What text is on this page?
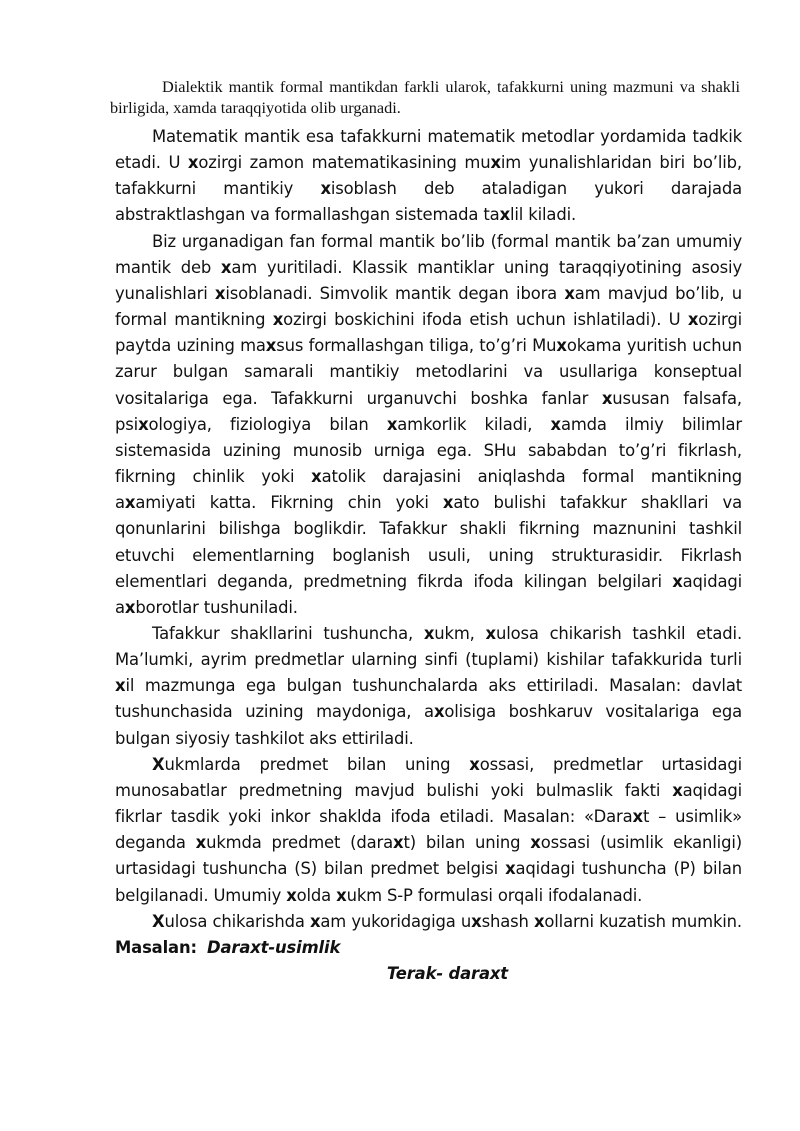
Dialektik mantik formal mantikdan farkli ularok, tafakkurni uning mazmuni va shakli birligida, xamda taraqqiyotida olib urganadi.

Matematik mantik esa tafakkurni matematik metodlar yordamida tadkik etadi. U xozirgi zamon matematikasining muxim yunalishlaridan biri bo’lib, tafakkurni mantikiy xisoblash deb ataladigan yukori darajada abstraktlashgan va formallashgan sistemada taxlil kiladi.

Biz urganadigan fan formal mantik bo’lib (formal mantik ba’zan umumiy mantik deb xam yuritiladi. Klassik mantiklar uning taraqqiyotining asosiy yunalishlari xisoblanadi. Simvolik mantik degan ibora xam mavjud bo’lib, u formal mantikning xozirgi boskichini ifoda etish uchun ishlatiladi). U xozirgi paytda uzining maxsus formallashgan tiliga, to’g’ri Muxokama yuritish uchun zarur bulgan samarali mantikiy metodlarini va usullariga konseptual vositalariga ega. Tafakkurni urganuvchi boshka fanlar xususan falsafa, psixologiya, fiziologiya bilan xamkorlik kiladi, xamda ilmiy bilimlar sistemasida uzining munosib urniga ega. SHu sababdan to’g’ri fikrlash, fikrning chinlik yoki xatolik darajasini aniqlashda formal mantikning axamiyati katta. Fikrning chin yoki xato bulishi tafakkur shakllari va qonunlarini bilishga boglikdir. Tafakkur shakli fikrning maznunini tashkil etuvchi elementlarning boglanish usuli, uning strukturasidir. Fikrlash elementlari deganda, predmetning fikrda ifoda kilingan belgilari xaqidagi axborotlar tushuniladi.

Tafakkur shakllarini tushuncha, xukm, xulosa chikarish tashkil etadi. Ma’lumki, ayrim predmetlar ularning sinfi (tuplami) kishilar tafakkurida turli xil mazmunga ega bulgan tushunchalarda aks ettiriladi. Masalan: davlat tushunchasida uzining maydoniga, axolisiga boshkaruv vositalariga ega bulgan siyosiy tashkilot aks ettiriladi.

Xukmlarda predmet bilan uning xossasi, predmetlar urtasidagi munosabatlar predmetning mavjud bulishi yoki bulmaslik fakti xaqidagi fikrlar tasdik yoki inkor shaklda ifoda etiladi. Masalan: «Daraxt – usimlik» deganda xukmda predmet (daraxt) bilan uning xossasi (usimlik ekanligi) urtasidagi tushuncha (S) bilan predmet belgisi xaqidagi tushuncha (P) bilan belgilanadi. Umumiy xolda xukm S-P formulasi orqali ifodalanadi.

Xulosa chikarishda xam yukoridagiga uxshash xollarni kuzatish mumkin. Masalan: Daraxt-usimlik

Terak- daraxt
